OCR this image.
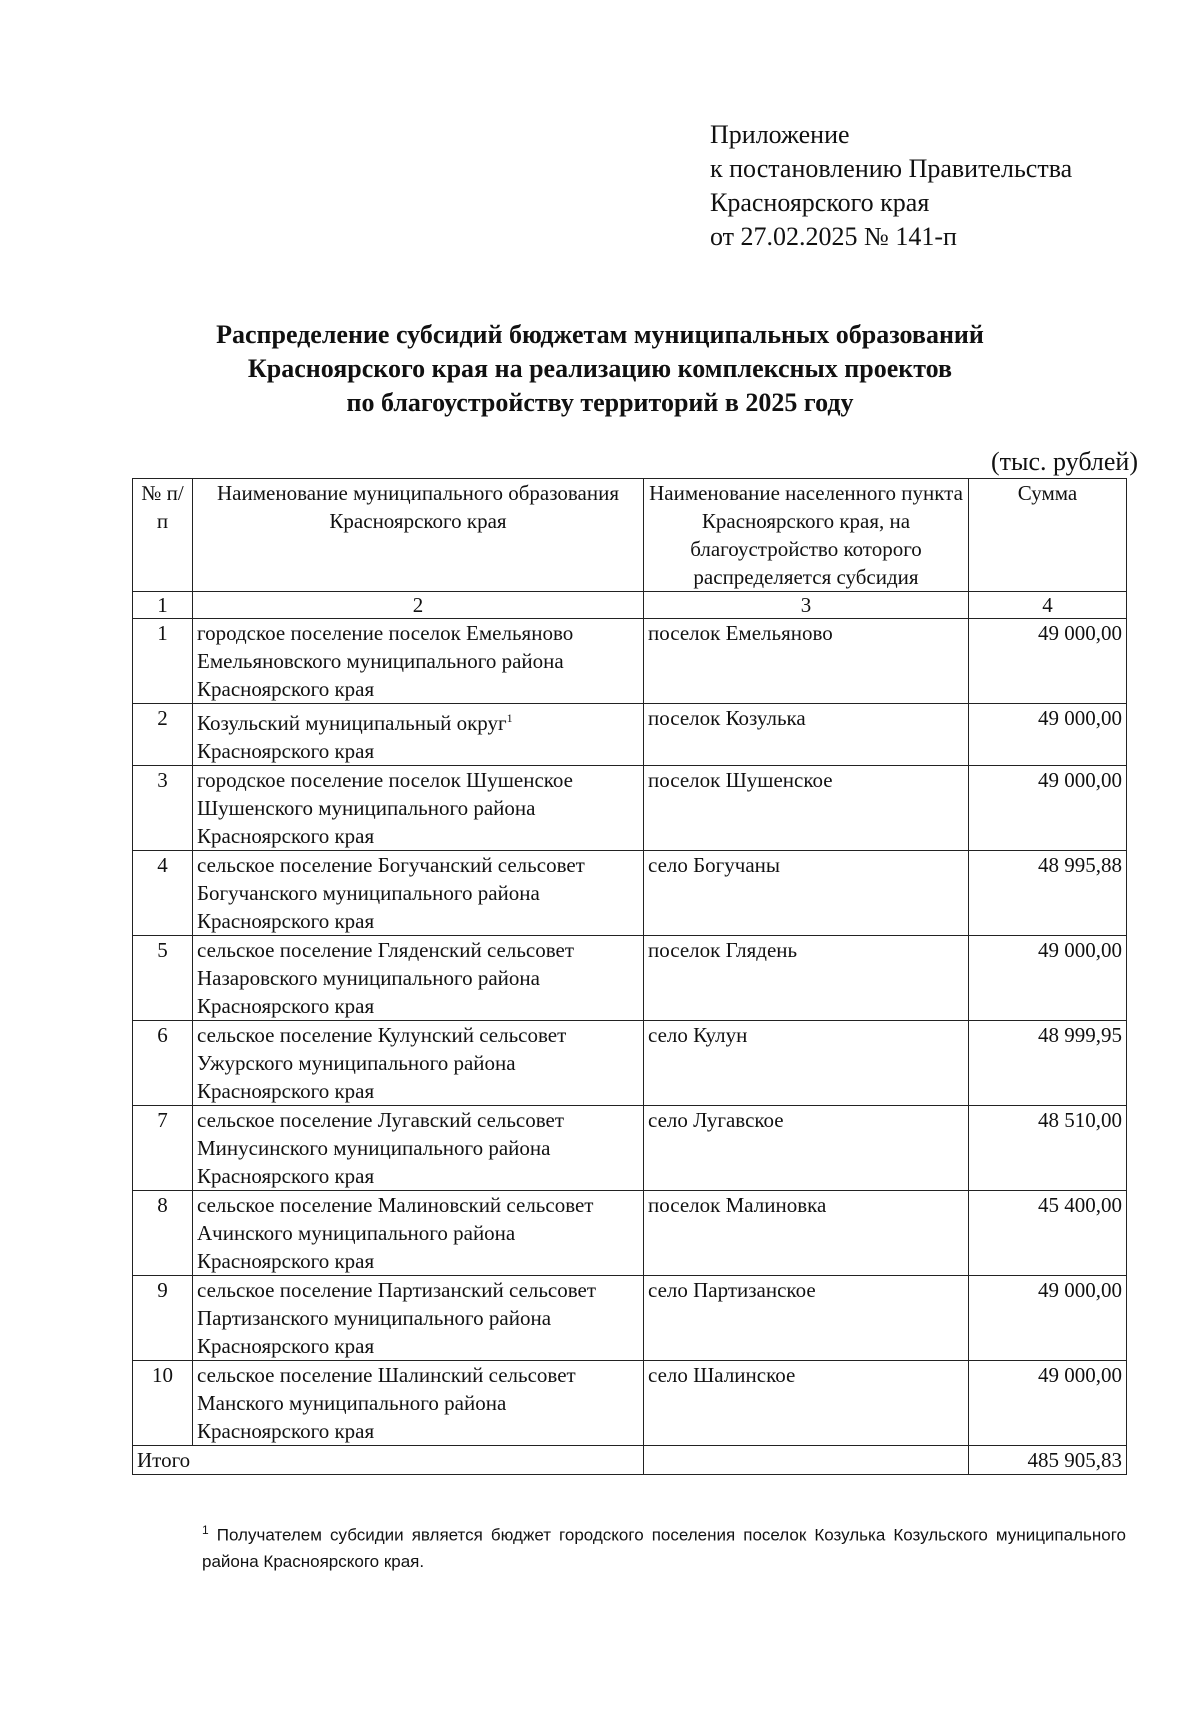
Приложение
к постановлению Правительства
Красноярского края
от 27.02.2025 № 141-п
Распределение субсидий бюджетам муниципальных образований
Красноярского края на реализацию комплексных проектов
по благоустройству территорий в 2025 году
(тыс. рублей)
№ п/п	Наименование муниципального образования Красноярского края	Наименование населенного пункта Красноярского края, на благоустройство которого распределяется субсидия	Сумма
1	2	3	4
1	городское поселение поселок Емельяново Емельяновского муниципального района Красноярского края	поселок Емельяново	49 000,00
2	Козульский муниципальный округ$^1$ Красноярского края	поселок Козулька	49 000,00
3	городское поселение поселок Шушенское Шушенского муниципального района Красноярского края	поселок Шушенское	49 000,00
4	сельское поселение Богучанский сельсовет Богучанского муниципального района Красноярского края	село Богучаны	48 995,88
5	сельское поселение Гляденский сельсовет Назаровского муниципального района Красноярского края	поселок Глядень	49 000,00
6	сельское поселение Кулунский сельсовет Ужурского муниципального района Красноярского края	село Кулун	48 999,95
7	сельское поселение Лугавский сельсовет Минусинского муниципального района Красноярского края	село Лугавское	48 510,00
8	сельское поселение Малиновский сельсовет Ачинского муниципального района Красноярского края	поселок Малиновка	45 400,00
9	сельское поселение Партизанский сельсовет Партизанского муниципального района Красноярского края	село Партизанское	49 000,00
10	сельское поселение Шалинский сельсовет Манского муниципального района Красноярского края	село Шалинское	49 000,00
Итого			485 905,83
$^1$ Получателем субсидии является бюджет городского поселения поселок Козулька Козульского муниципального района Красноярского края.
